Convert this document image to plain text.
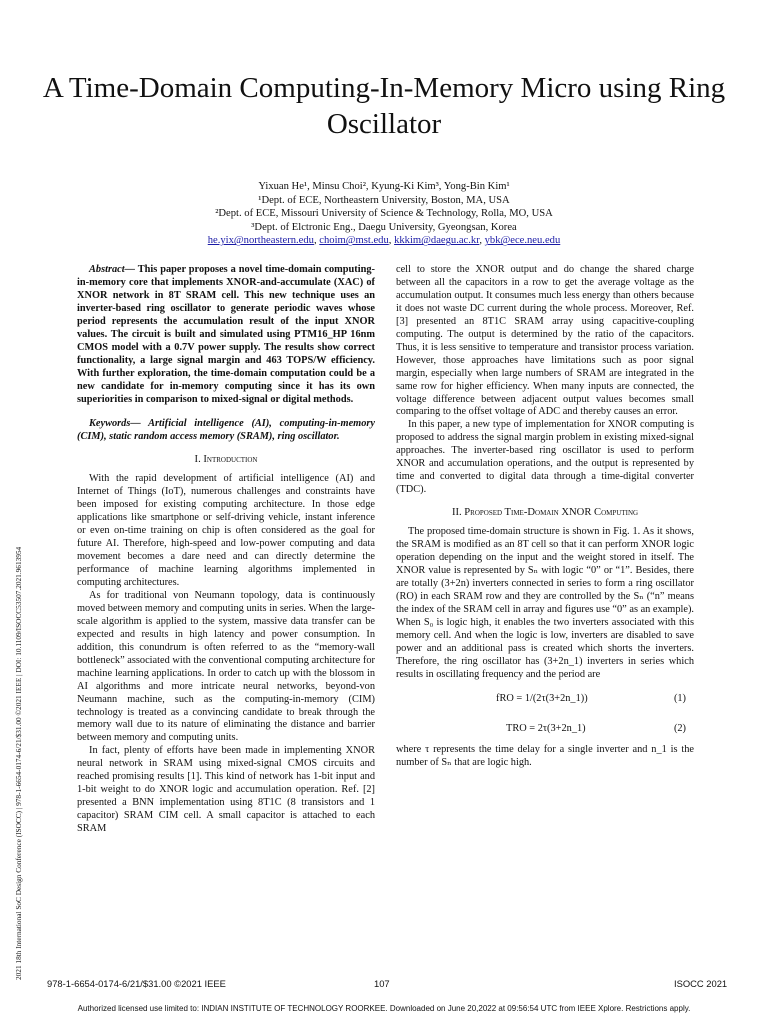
2021 18th International SoC Design Conference (ISOCC) | 978-1-6654-0174-6/21/$31.00 ©2021 IEEE | DOI: 10.1109/ISOCC53507.2021.9613954
A Time-Domain Computing-In-Memory Micro using Ring Oscillator
Yixuan He¹, Minsu Choi², Kyung-Ki Kim³, Yong-Bin Kim¹
¹Dept. of ECE, Northeastern University, Boston, MA, USA
²Dept. of ECE, Missouri University of Science & Technology, Rolla, MO, USA
³Dept. of Elctronic Eng., Daegu University, Gyeongsan, Korea
he.yix@northeastern.edu, choim@mst.edu, kkkim@daegu.ac.kr, ybk@ece.neu.edu

Abstract— This paper proposes a novel time-domain computing-in-memory core that implements XNOR-and-accumulate (XAC) of XNOR network in 8T SRAM cell. This new technique uses an inverter-based ring oscillator to generate periodic waves whose period represents the accumulation result of the input XNOR values. The circuit is built and simulated using PTM16_HP 16nm CMOS model with a 0.7V power supply. The results show correct functionality, a large signal margin and 463 TOPS/W efficiency. With further exploration, the time-domain computation could be a new candidate for in-memory computing since it has its own superiorities in comparison to mixed-signal or digital methods.

Keywords— Artificial intelligence (AI), computing-in-memory (CIM), static random access memory (SRAM), ring oscillator.

I. Introduction

With the rapid development of artificial intelligence (AI) and Internet of Things (IoT), numerous challenges and constraints have been imposed for existing computing architecture. In those edge applications like smartphone or self-driving vehicle, instant inference or even on-time training on chip is often considered as the goal for future AI. Therefore, high-speed and low-power computing and data movement becomes a dare need and can directly determine the performance of machine learning algorithms implemented in computing architectures.

As for traditional von Neumann topology, data is continuously moved between memory and computing units in series. When the large-scale algorithm is applied to the system, massive data transfer can be expected and results in high latency and power consumption. In addition, this conundrum is often referred to as the “memory-wall bottleneck” associated with the conventional computing architecture for machine learning applications. In order to catch up with the blossom in AI algorithms and more intricate neural networks, beyond-von Neumann machine, such as the computing-in-memory (CIM) technology is treated as a convincing candidate to break through the memory wall due to its nature of eliminating the distance and barrier between memory and computing units.

In fact, plenty of efforts have been made in implementing XNOR neural network in SRAM using mixed-signal CMOS circuits and reached promising results [1]. This kind of network has 1-bit input and 1-bit weight to do XNOR logic and accumulation operation. Ref. [2] presented a BNN implementation using 8T1C (8 transistors and 1 capacitor) SRAM CIM cell. A small capacitor is attached to each SRAM

cell to store the XNOR output and do change the shared charge between all the capacitors in a row to get the average voltage as the accumulation output. It consumes much less energy than others because it does not waste DC current during the whole process. Moreover, Ref. [3] presented an 8T1C SRAM array using capacitive-coupling computing. The output is determined by the ratio of the capacitors. Thus, it is less sensitive to temperature and transistor process variation. However, those approaches have limitations such as poor signal margin, especially when large numbers of SRAM are integrated in the same row for higher efficiency. When many inputs are connected, the voltage difference between adjacent output values becomes small comparing to the offset voltage of ADC and thereby causes an error.

In this paper, a new type of implementation for XNOR computing is proposed to address the signal margin problem in existing mixed-signal approaches. The inverter-based ring oscillator is used to perform XNOR and accumulation operations, and the output is represented by time and converted to digital data through a time-digital converter (TDC).

II. Proposed Time-Domain XNOR Computing

The proposed time-domain structure is shown in Fig. 1. As it shows, the SRAM is modified as an 8T cell so that it can perform XNOR logic operation depending on the input and the weight stored in itself. The XNOR value is represented by Sₙ with logic “0” or “1”. Besides, there are totally (3+2n) inverters connected in series to form a ring oscillator (RO) in each SRAM row and they are controlled by the Sₙ (“n” means the index of the SRAM cell in array and figures use “0” as an example). When S₀ is logic high, it enables the two inverters associated with this memory cell. And when the logic is low, inverters are disabled to save power and an additional pass is created which shorts the inverters. Therefore, the ring oscillator has (3+2n_1) inverters in series which results in oscillating frequency and the period are

fRO = 1/(2τ(3+2n_1))	(1)
TRO = 2τ(3+2n_1)	(2)

where τ represents the time delay for a single inverter and n_1 is the number of Sₙ that are logic high.

978-1-6654-0174-6/21/$31.00 ©2021 IEEE	107	ISOCC 2021
Authorized licensed use limited to: INDIAN INSTITUTE OF TECHNOLOGY ROORKEE. Downloaded on June 20,2022 at 09:56:54 UTC from IEEE Xplore. Restrictions apply.
